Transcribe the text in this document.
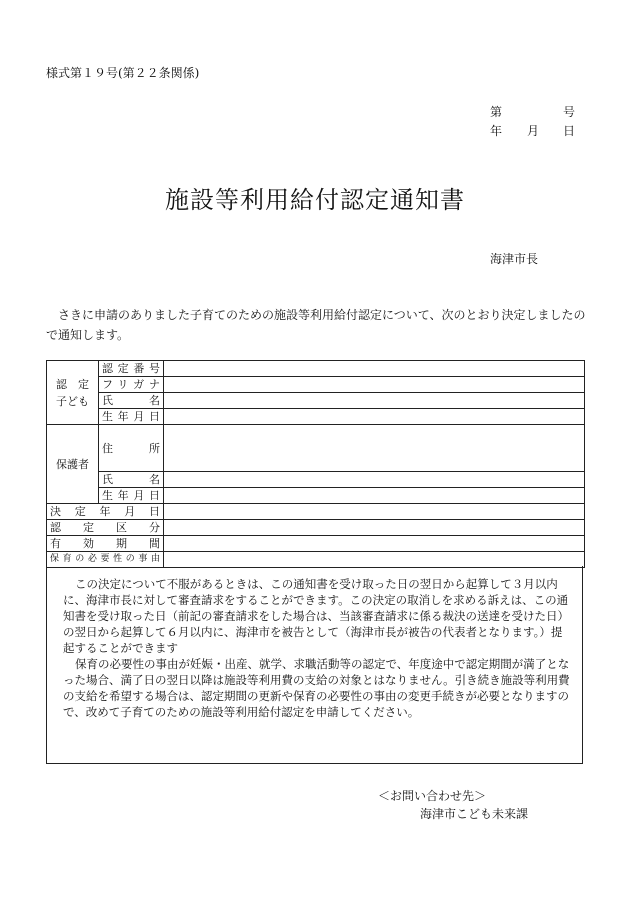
様式第１９号(第２２条関係)
第	号
年 月 日
施設等利用給付認定通知書
海津市長
さきに申請のありました子育てのための施設等利用給付認定について、次のとおり決定しましたので通知します。
認　定
子ども	認定番号	
	フリガナ	
	氏　名	
	生年月日	
保護者	住　所	
	氏　名	
	生年月日	
決定年月日		
認定区分		
有効期間		
保育の必要性の事由		

この決定について不服があるときは、この通知書を受け取った日の翌日から起算して３月以内に、海津市長に対して審査請求をすることができます。この決定の取消しを求める訴えは、この通知書を受け取った日（前記の審査請求をした場合は、当該審査請求に係る裁決の送達を受けた日）の翌日から起算して６月以内に、海津市を被告として（海津市長が被告の代表者となります。）提起することができます

保育の必要性の事由が妊娠・出産、就学、求職活動等の認定で、年度途中で認定期間が満了となった場合、満了日の翌日以降は施設等利用費の支給の対象とはなりません。引き続き施設等利用費の支給を希望する場合は、認定期間の更新や保育の必要性の事由の変更手続きが必要となりますので、改めて子育てのための施設等利用給付認定を申請してください。

＜お問い合わせ先＞
海津市こども未来課
